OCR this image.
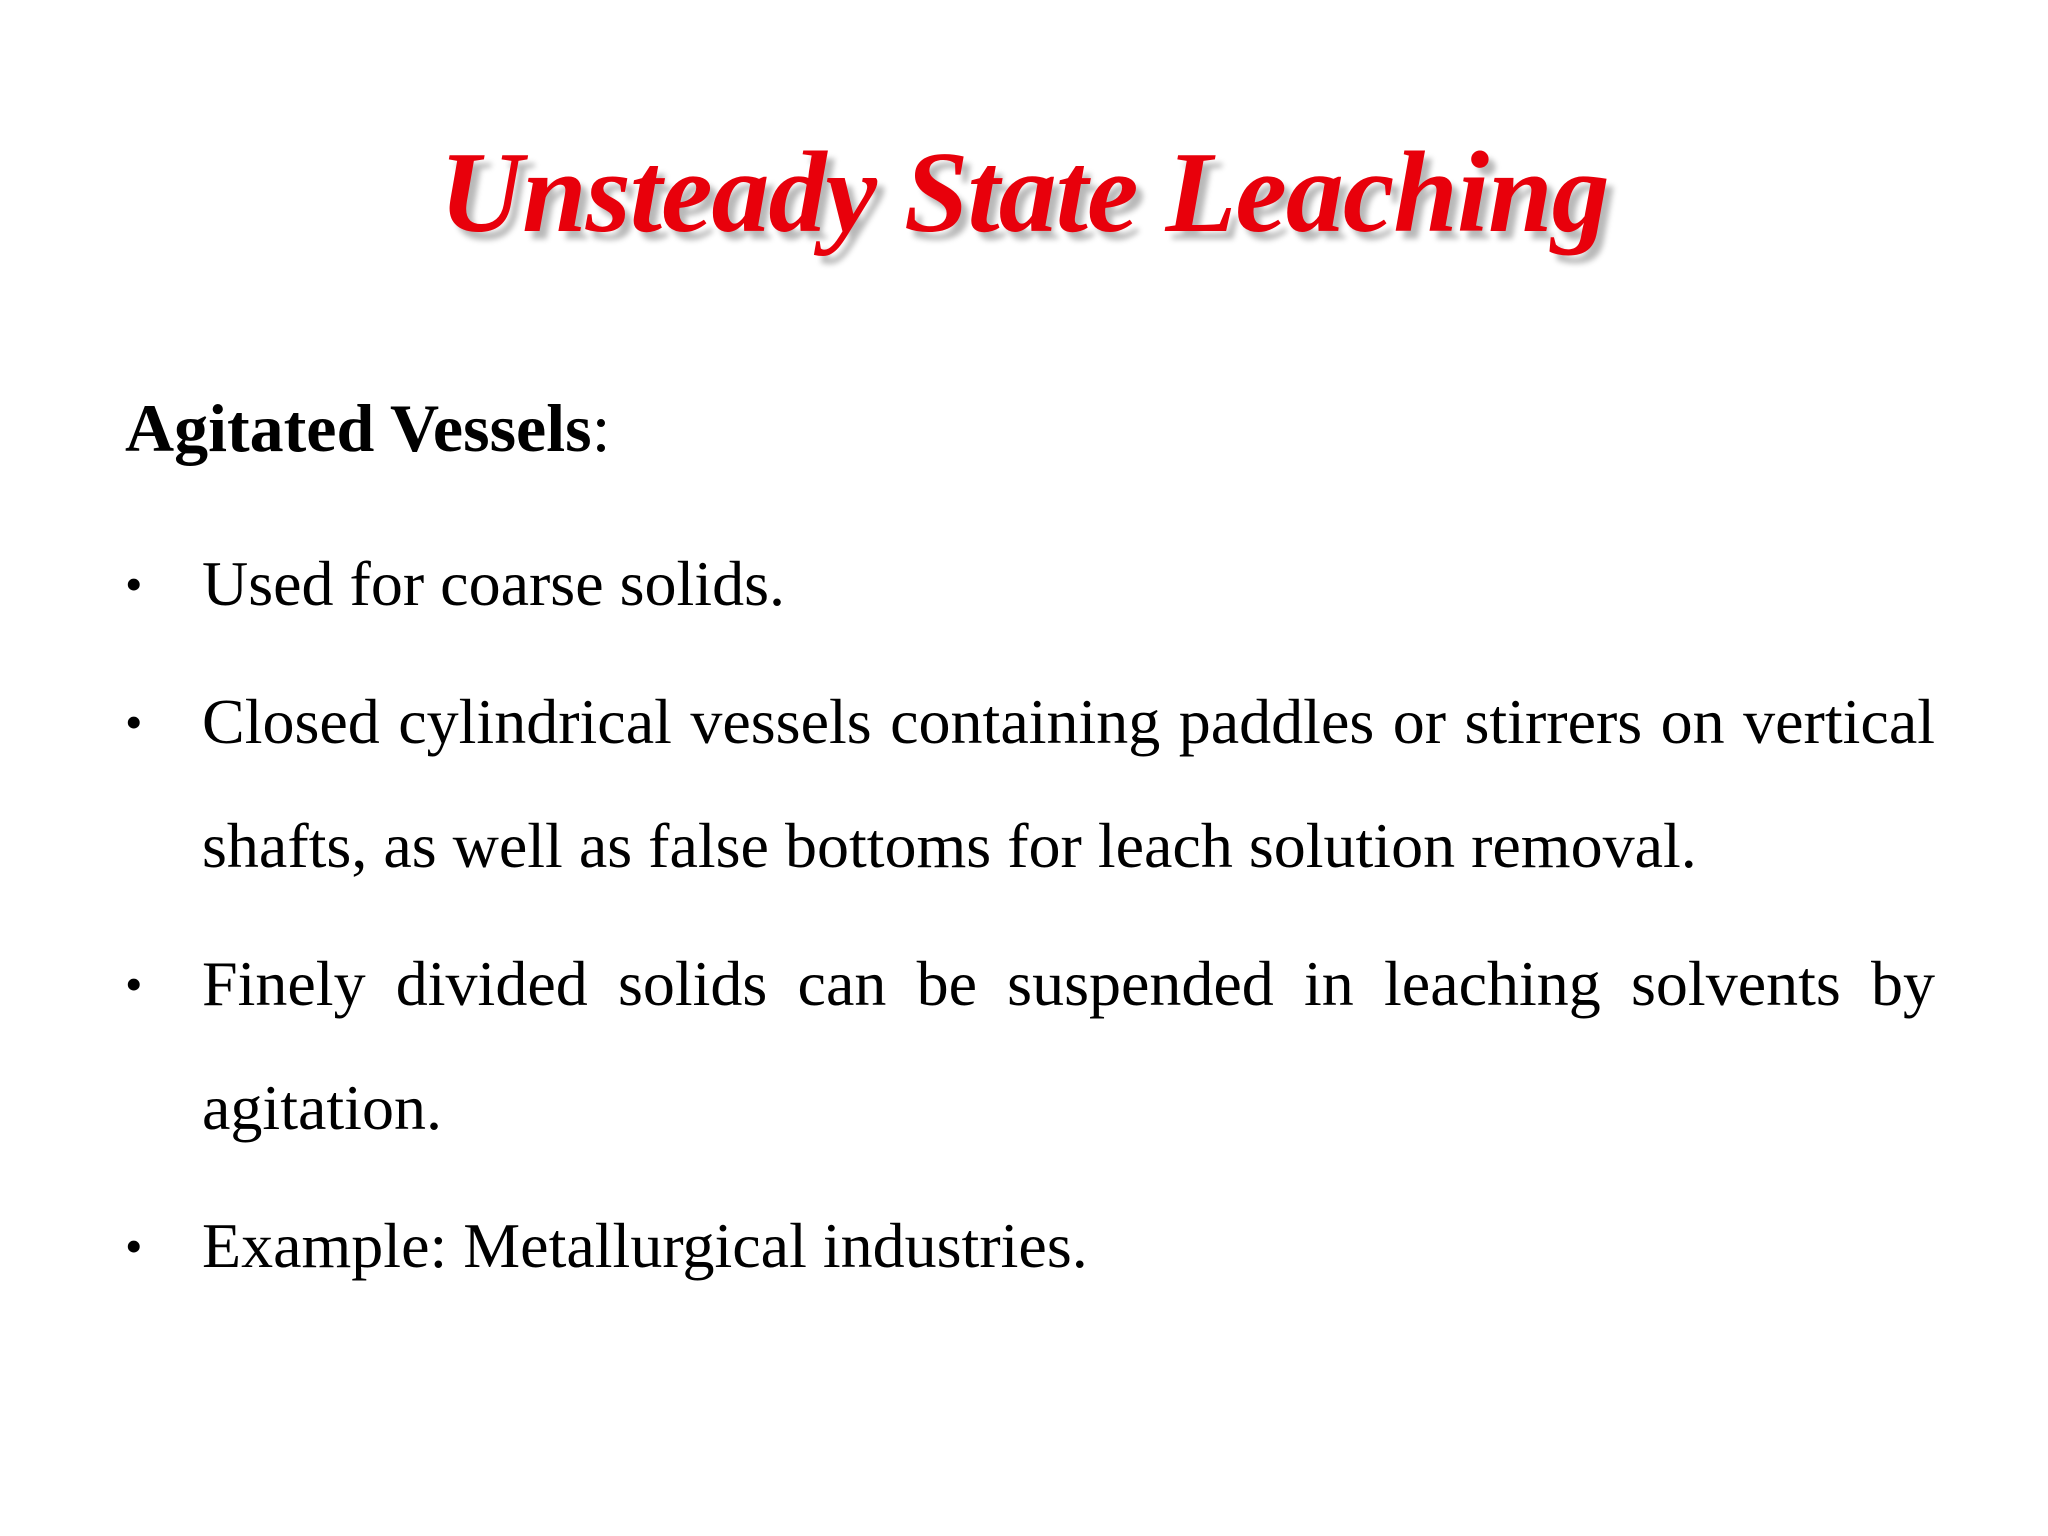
Unsteady State Leaching

Agitated Vessels:

• Used for coarse solids.
• Closed cylindrical vessels containing paddles or stirrers on vertical shafts, as well as false bottoms for leach solution removal.
• Finely divided solids can be suspended in leaching solvents by agitation.
• Example: Metallurgical industries.
